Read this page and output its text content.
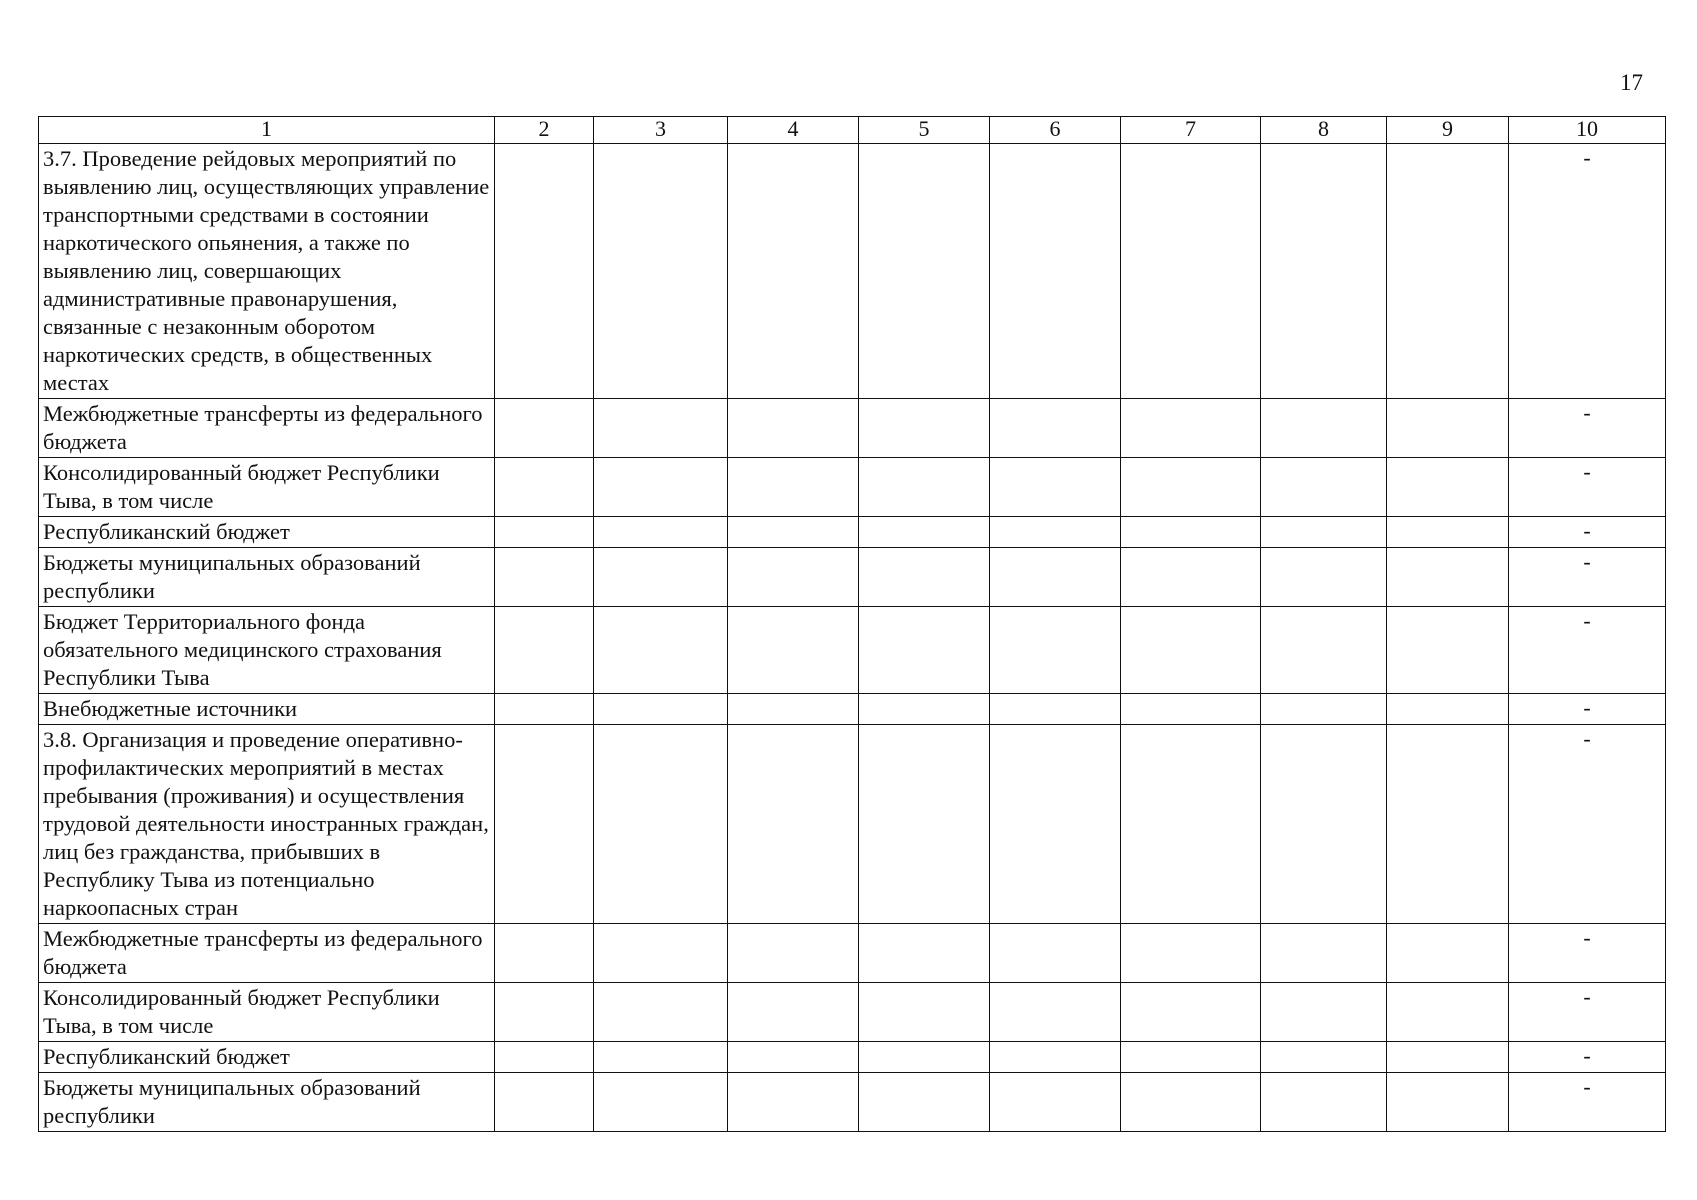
17
1	2	3	4	5	6	7	8	9	10
3.7. Проведение рейдовых мероприятий по выявлению лиц, осуществляющих управление транспортными средствами в состоянии наркотического опьянения, а также по выявлению лиц, совершающих административные правонарушения, связанные с незаконным оборотом наркотических средств, в общественных местах									-
Межбюджетные трансферты из федерального бюджета									-
Консолидированный бюджет Республики Тыва, в том числе									-
Республиканский бюджет									-
Бюджеты муниципальных образований республики									-
Бюджет Территориального фонда обязательного медицинского страхования Республики Тыва									-
Внебюджетные источники									-
3.8. Организация и проведение оперативно-профилактических мероприятий в местах пребывания (проживания) и осуществления трудовой деятельности иностранных граждан, лиц без гражданства, прибывших в Республику Тыва из потенциально наркоопасных стран									-
Межбюджетные трансферты из федерального бюджета									-
Консолидированный бюджет Республики Тыва, в том числе									-
Республиканский бюджет									-
Бюджеты муниципальных образований республики									-
